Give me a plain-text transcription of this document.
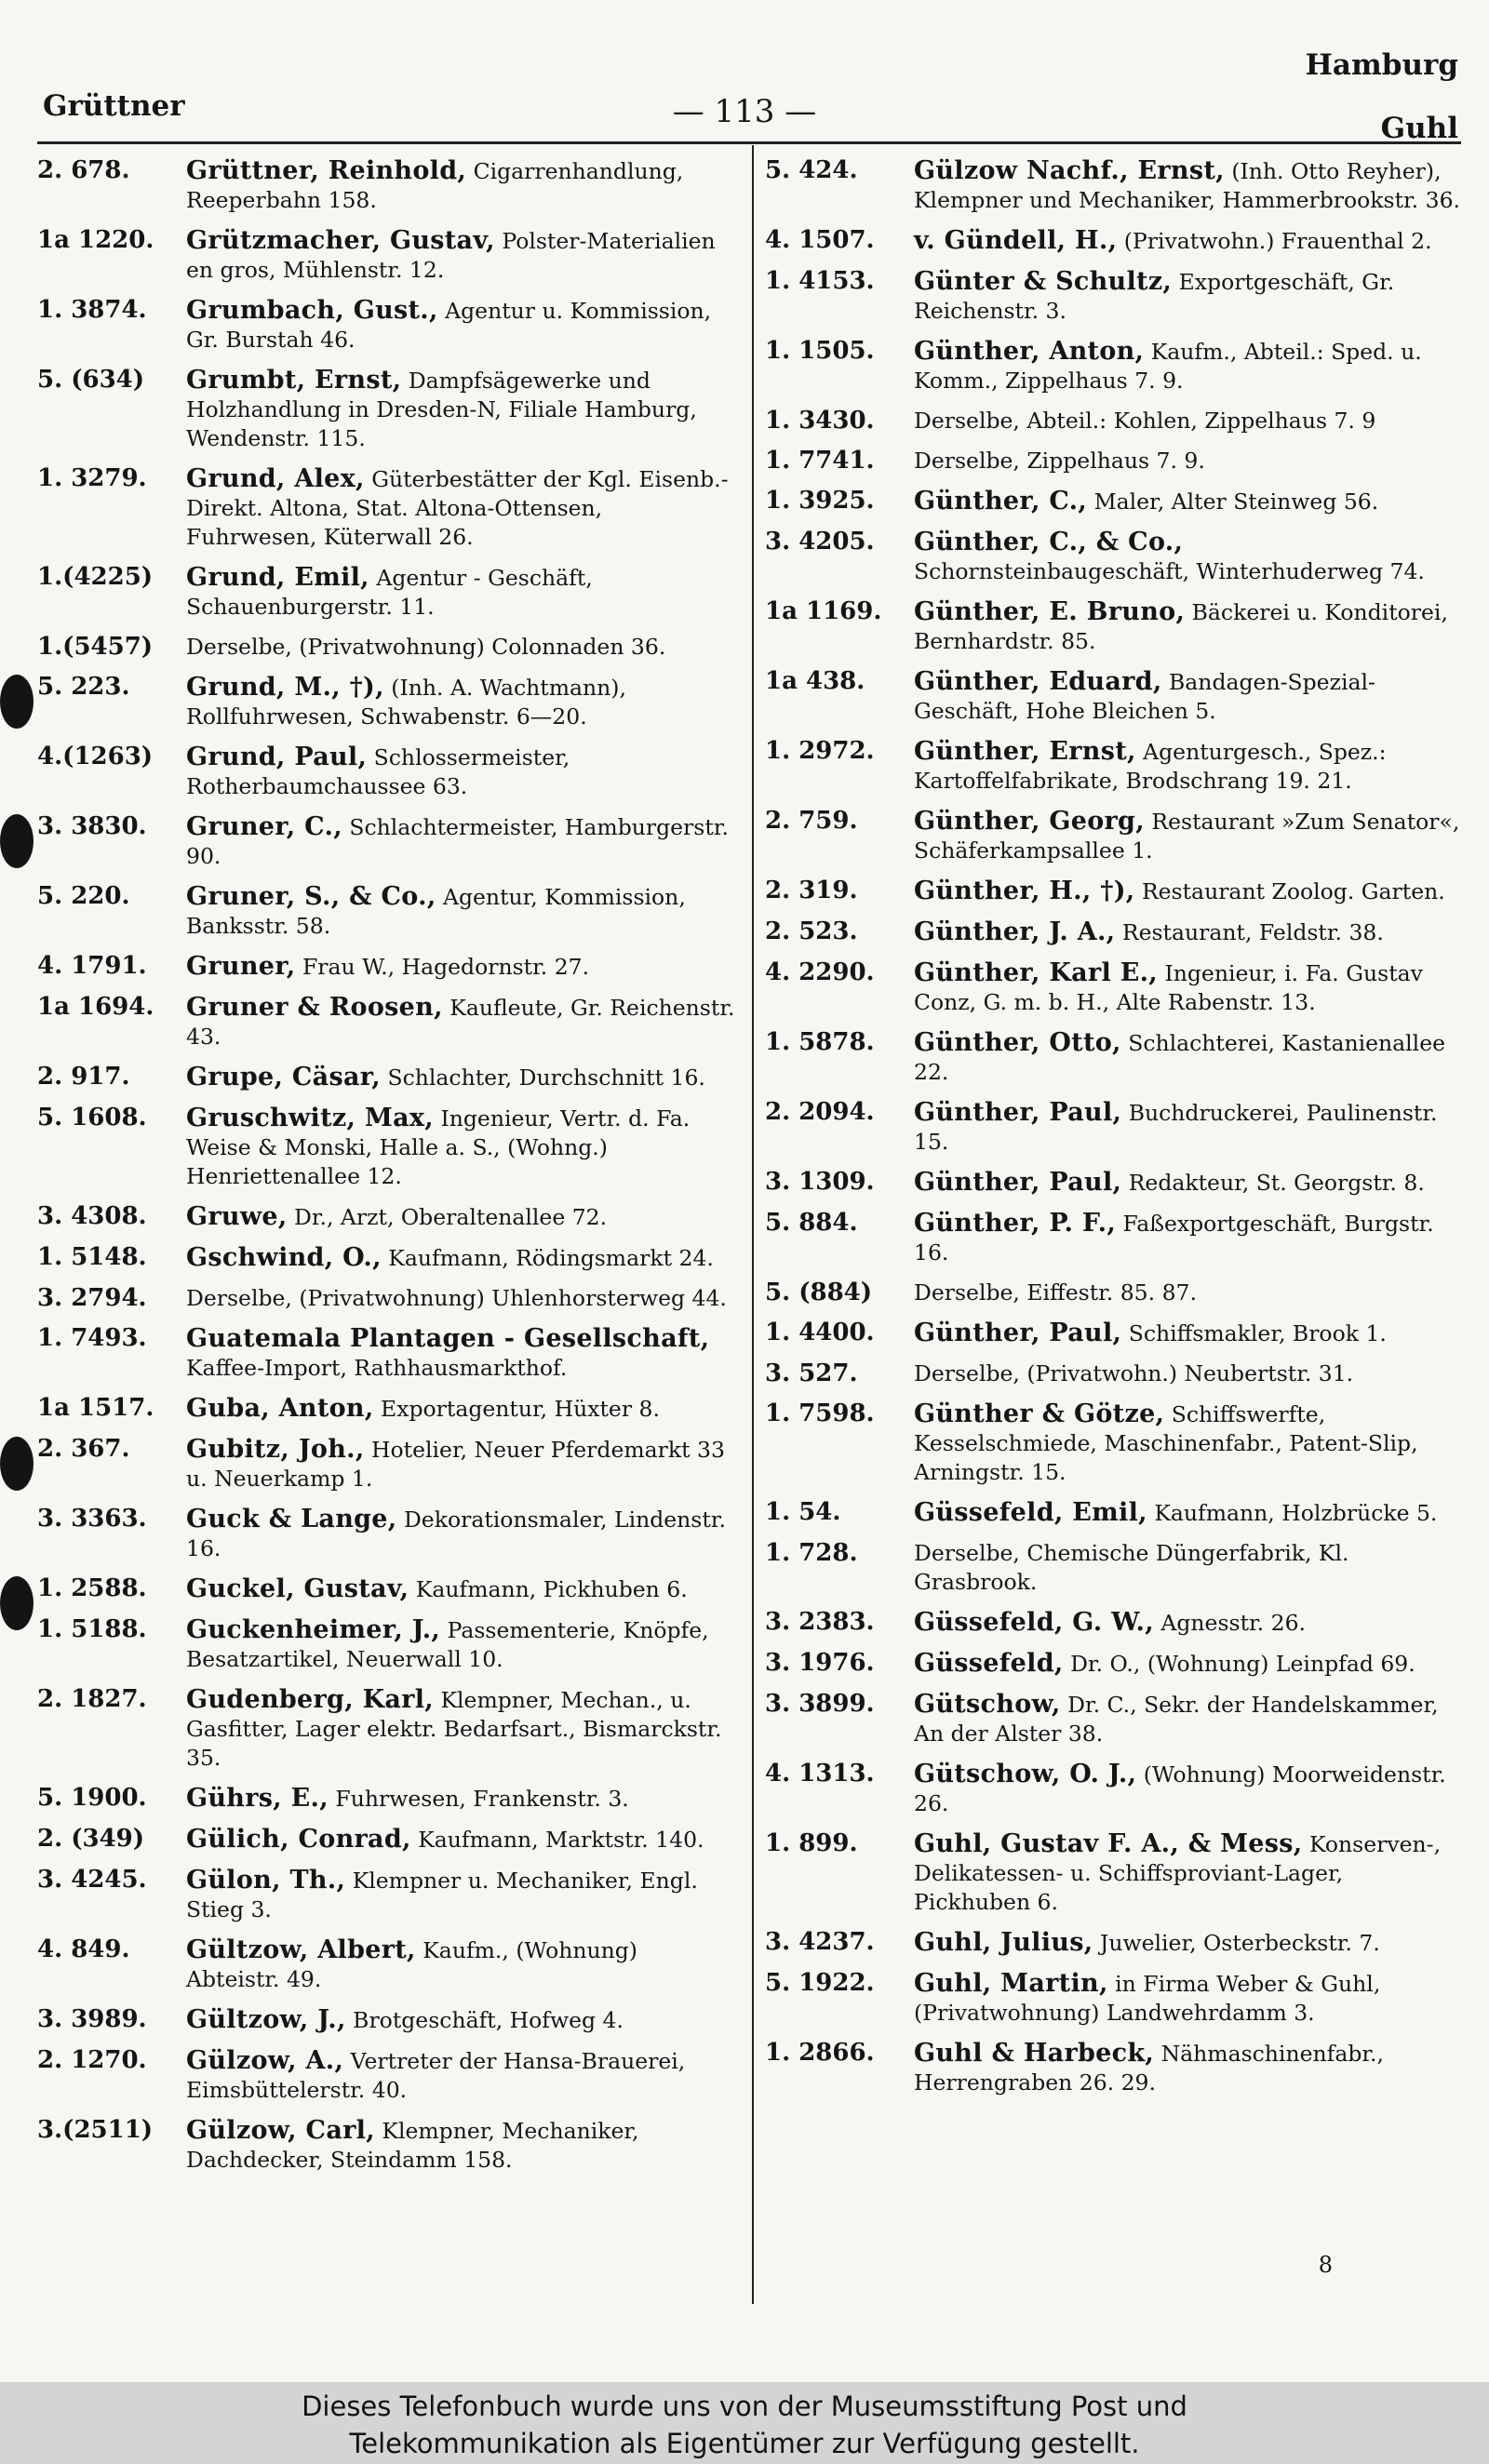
Hamburg
Grüttner	— 113 —	Guhl
2. 678.	Grüttner, Reinhold, Cigarrenhandlung, Reeperbahn 158.
1a 1220.	Grützmacher, Gustav, Polster-Materialien en gros, Mühlenstr. 12.
1. 3874.	Grumbach, Gust., Agentur u. Kommission, Gr. Burstah 46.
5. (634)	Grumbt, Ernst, Dampfsägewerke und Holzhandlung in Dresden-N, Filiale Hamburg, Wendenstr. 115.
1. 3279.	Grund, Alex, Güterbestätter der Kgl. Eisenb.-Direkt. Altona, Stat. Altona-Ottensen, Fuhrwesen, Küterwall 26.
1.(4225)	Grund, Emil, Agentur - Geschäft, Schauenburgerstr. 11.
1.(5457)	Derselbe, (Privatwohnung) Colonnaden 36.
5. 223.	Grund, M., †), (Inh. A. Wachtmann), Rollfuhrwesen, Schwabenstr. 6—20.
4.(1263)	Grund, Paul, Schlossermeister, Rotherbaumchaussee 63.
3. 3830.	Gruner, C., Schlachtermeister, Hamburgerstr. 90.
5. 220.	Gruner, S., & Co., Agentur, Kommission, Banksstr. 58.
4. 1791.	Gruner, Frau W., Hagedornstr. 27.
1a 1694.	Gruner & Roosen, Kaufleute, Gr. Reichenstr. 43.
2. 917.	Grupe, Cäsar, Schlachter, Durchschnitt 16.
5. 1608.	Gruschwitz, Max, Ingenieur, Vertr. d. Fa. Weise & Monski, Halle a. S., (Wohng.) Henriettenallee 12.
3. 4308.	Gruwe, Dr., Arzt, Oberaltenallee 72.
1. 5148.	Gschwind, O., Kaufmann, Rödingsmarkt 24.
3. 2794.	Derselbe, (Privatwohnung) Uhlenhorsterweg 44.
1. 7493.	Guatemala Plantagen - Gesellschaft, Kaffee-Import, Rathhausmarkthof.
1a 1517.	Guba, Anton, Exportagentur, Hüxter 8.
2. 367.	Gubitz, Joh., Hotelier, Neuer Pferdemarkt 33 u. Neuerkamp 1.
3. 3363.	Guck & Lange, Dekorationsmaler, Lindenstr. 16.
1. 2588.	Guckel, Gustav, Kaufmann, Pickhuben 6.
1. 5188.	Guckenheimer, J., Passementerie, Knöpfe, Besatzartikel, Neuerwall 10.
2. 1827.	Gudenberg, Karl, Klempner, Mechan., u. Gasfitter, Lager elektr. Bedarfsart., Bismarckstr. 35.
5. 1900.	Gührs, E., Fuhrwesen, Frankenstr. 3.
2. (349)	Gülich, Conrad, Kaufmann, Marktstr. 140.
3. 4245.	Gülon, Th., Klempner u. Mechaniker, Engl. Stieg 3.
4. 849.	Gültzow, Albert, Kaufm., (Wohnung) Abteistr. 49.
3. 3989.	Gültzow, J., Brotgeschäft, Hofweg 4.
2. 1270.	Gülzow, A., Vertreter der Hansa-Brauerei, Eimsbüttelerstr. 40.
3.(2511)	Gülzow, Carl, Klempner, Mechaniker, Dachdecker, Steindamm 158.
5. 424.	Gülzow Nachf., Ernst, (Inh. Otto Reyher), Klempner und Mechaniker, Hammerbrookstr. 36.
4. 1507.	v. Gündell, H., (Privatwohn.) Frauenthal 2.
1. 4153.	Günter & Schultz, Exportgeschäft, Gr. Reichenstr. 3.
1. 1505.	Günther, Anton, Kaufm., Abteil.: Sped. u. Komm., Zippelhaus 7. 9.
1. 3430.	Derselbe, Abteil.: Kohlen, Zippelhaus 7. 9
1. 7741.	Derselbe, Zippelhaus 7. 9.
1. 3925.	Günther, C., Maler, Alter Steinweg 56.
3. 4205.	Günther, C., & Co., Schornsteinbaugeschäft, Winterhuderweg 74.
1a 1169.	Günther, E. Bruno, Bäckerei u. Konditorei, Bernhardstr. 85.
1a 438.	Günther, Eduard, Bandagen-Spezial-Geschäft, Hohe Bleichen 5.
1. 2972.	Günther, Ernst, Agenturgesch., Spez.: Kartoffelfabrikate, Brodschrang 19. 21.
2. 759.	Günther, Georg, Restaurant »Zum Senator«, Schäferkampsallee 1.
2. 319.	Günther, H., †), Restaurant Zoolog. Garten.
2. 523.	Günther, J. A., Restaurant, Feldstr. 38.
4. 2290.	Günther, Karl E., Ingenieur, i. Fa. Gustav Conz, G. m. b. H., Alte Rabenstr. 13.
1. 5878.	Günther, Otto, Schlachterei, Kastanienallee 22.
2. 2094.	Günther, Paul, Buchdruckerei, Paulinenstr. 15.
3. 1309.	Günther, Paul, Redakteur, St. Georgstr. 8.
5. 884.	Günther, P. F., Faßexportgeschäft, Burgstr. 16.
5. (884)	Derselbe, Eiffestr. 85. 87.
1. 4400.	Günther, Paul, Schiffsmakler, Brook 1.
3. 527.	Derselbe, (Privatwohn.) Neubertstr. 31.
1. 7598.	Günther & Götze, Schiffswerfte, Kesselschmiede, Maschinenfabr., Patent-Slip, Arningstr. 15.
1. 54.	Güssefeld, Emil, Kaufmann, Holzbrücke 5.
1. 728.	Derselbe, Chemische Düngerfabrik, Kl. Grasbrook.
3. 2383.	Güssefeld, G. W., Agnesstr. 26.
3. 1976.	Güssefeld, Dr. O., (Wohnung) Leinpfad 69.
3. 3899.	Gütschow, Dr. C., Sekr. der Handelskammer, An der Alster 38.
4. 1313.	Gütschow, O. J., (Wohnung) Moorweidenstr. 26.
1. 899.	Guhl, Gustav F. A., & Mess, Konserven-, Delikatessen- u. Schiffsproviant-Lager, Pickhuben 6.
3. 4237.	Guhl, Julius, Juwelier, Osterbeckstr. 7.
5. 1922.	Guhl, Martin, in Firma Weber & Guhl, (Privatwohnung) Landwehrdamm 3.
1. 2866.	Guhl & Harbeck, Nähmaschinenfabr., Herrengraben 26. 29.
8
Dieses Telefonbuch wurde uns von der Museumsstiftung Post und
Telekommunikation als Eigentümer zur Verfügung gestellt.
